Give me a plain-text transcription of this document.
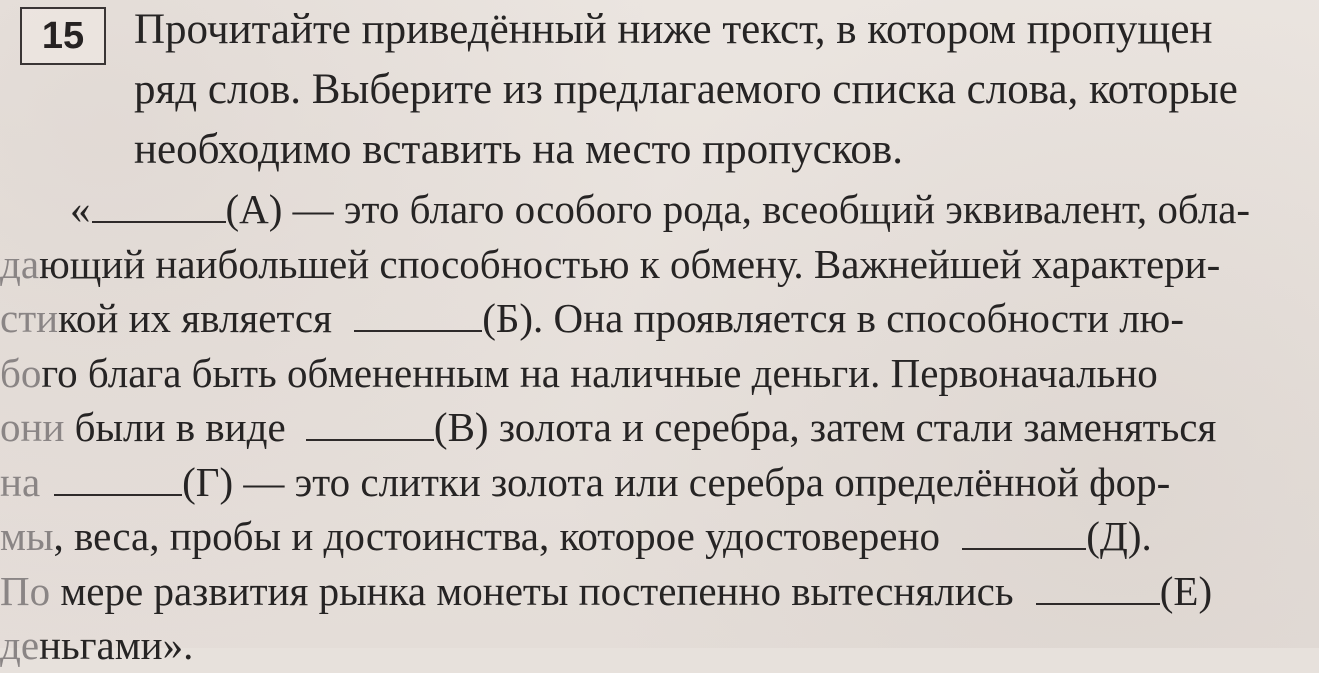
15 Прочитайте приведённый ниже текст, в котором пропущен
ряд слов. Выберите из предлагаемого списка слова, которые
необходимо вставить на место пропусков.
«	(А) — это благо особого рода, всеобщий эквивалент, обла-
дающий наибольшей способностью к обмену. Важнейшей характери-
стикой их является	(Б). Она проявляется в способности лю-
бого блага быть обмененным на наличные деньги. Первоначально
они были в виде	(В) золота и серебра, затем стали заменяться
на	(Г) — это слитки золота или серебра определённой фор-
мы, веса, пробы и достоинства, которое удостоверено	(Д).
По мере развития рынка монеты постепенно вытеснялись	(Е)
деньгами».
